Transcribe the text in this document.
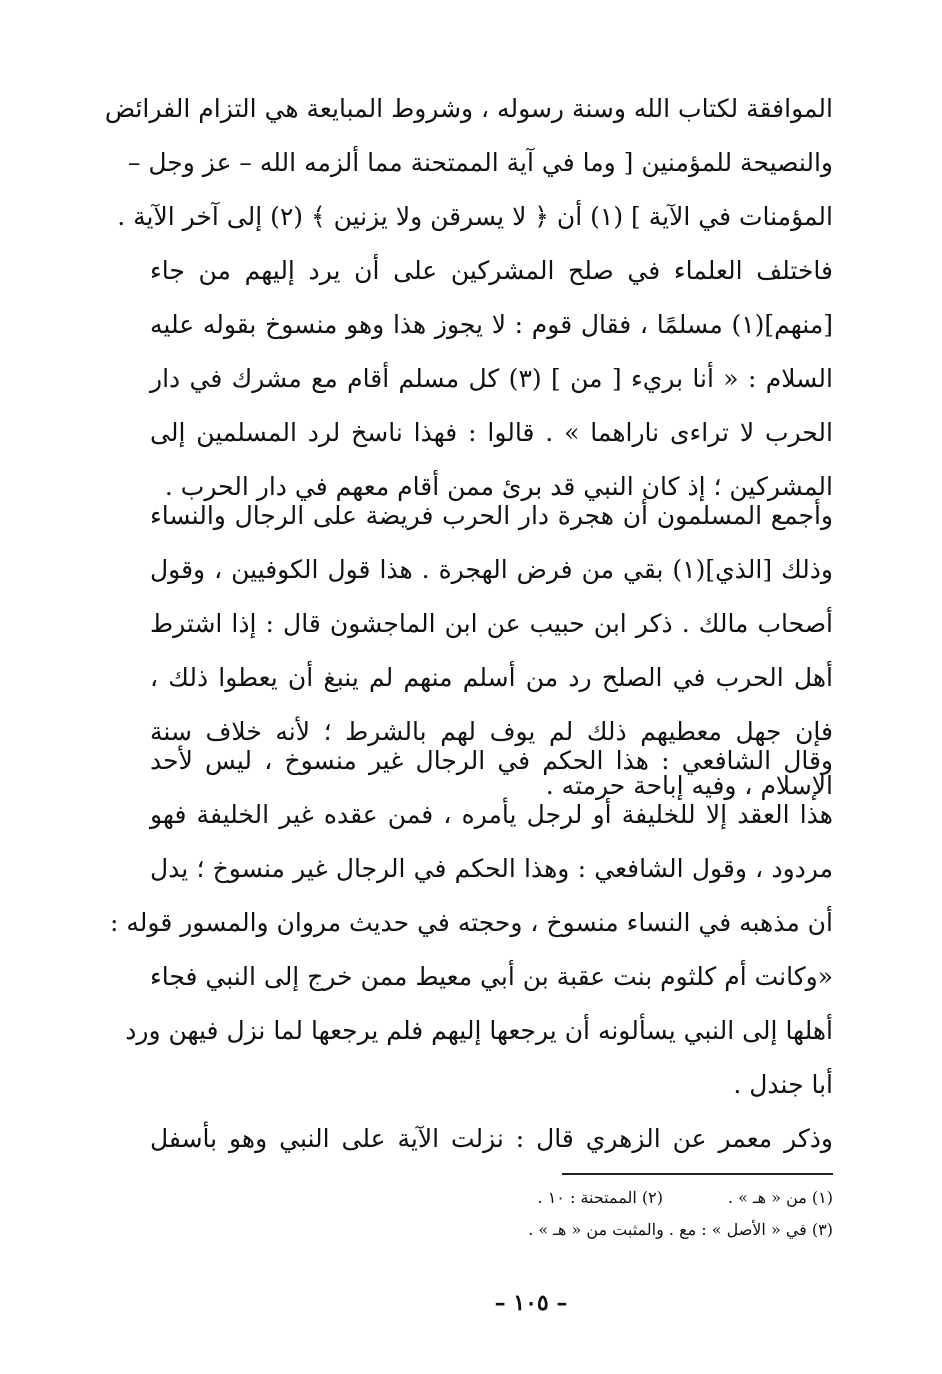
الموافقة لكتاب الله وسنة رسوله ، وشروط المبايعة هي التزام الفرائض
والنصيحة للمؤمنين [ وما في آية الممتحنة مما ألزمه الله – عز وجل –
المؤمنات في الآية ] (١) أن ﴿ لا يسرقن ولا يزنين ﴾ (٢) إلى آخر الآية .
فاختلف العلماء في صلح المشركين على أن يرد إليهم من جاء
[منهم](١) مسلمًا ، فقال قوم : لا يجوز هذا وهو منسوخ بقوله عليه
السلام : « أنا بريء [ من ] (٣) كل مسلم أقام مع مشرك في دار
الحرب لا تراءى ناراهما » . قالوا : فهذا ناسخ لرد المسلمين إلى
المشركين ؛ إذ كان النبي قد برئ ممن أقام معهم في دار الحرب .
وأجمع المسلمون أن هجرة دار الحرب فريضة على الرجال والنساء
وذلك [الذي](١) بقي من فرض الهجرة . هذا قول الكوفيين ، وقول
أصحاب مالك . ذكر ابن حبيب عن ابن الماجشون قال : إذا اشترط
أهل الحرب في الصلح رد من أسلم منهم لم ينبغ أن يعطوا ذلك ،
فإن جهل معطيهم ذلك لم يوف لهم بالشرط ؛ لأنه خلاف سنة
الإسلام ، وفيه إباحة حرمته .
وقال الشافعي : هذا الحكم في الرجال غير منسوخ ، ليس لأحد
هذا العقد إلا للخليفة أو لرجل يأمره ، فمن عقده غير الخليفة فهو
مردود ، وقول الشافعي : وهذا الحكم في الرجال غير منسوخ ؛ يدل
أن مذهبه في النساء منسوخ ، وحجته في حديث مروان والمسور قوله :
«وكانت أم كلثوم بنت عقبة بن أبي معيط ممن خرج إلى النبي فجاء
أهلها إلى النبي يسألونه أن يرجعها إليهم فلم يرجعها لما نزل فيهن ورد
أبا جندل .
وذكر معمر عن الزهري قال : نزلت الآية على النبي وهو بأسفل
(١) من « هـ » .
(٢) الممتحنة : ١٠ .
(٣) في « الأصل » : مع . والمثبت من « هـ » .
– ١٠٥ –
